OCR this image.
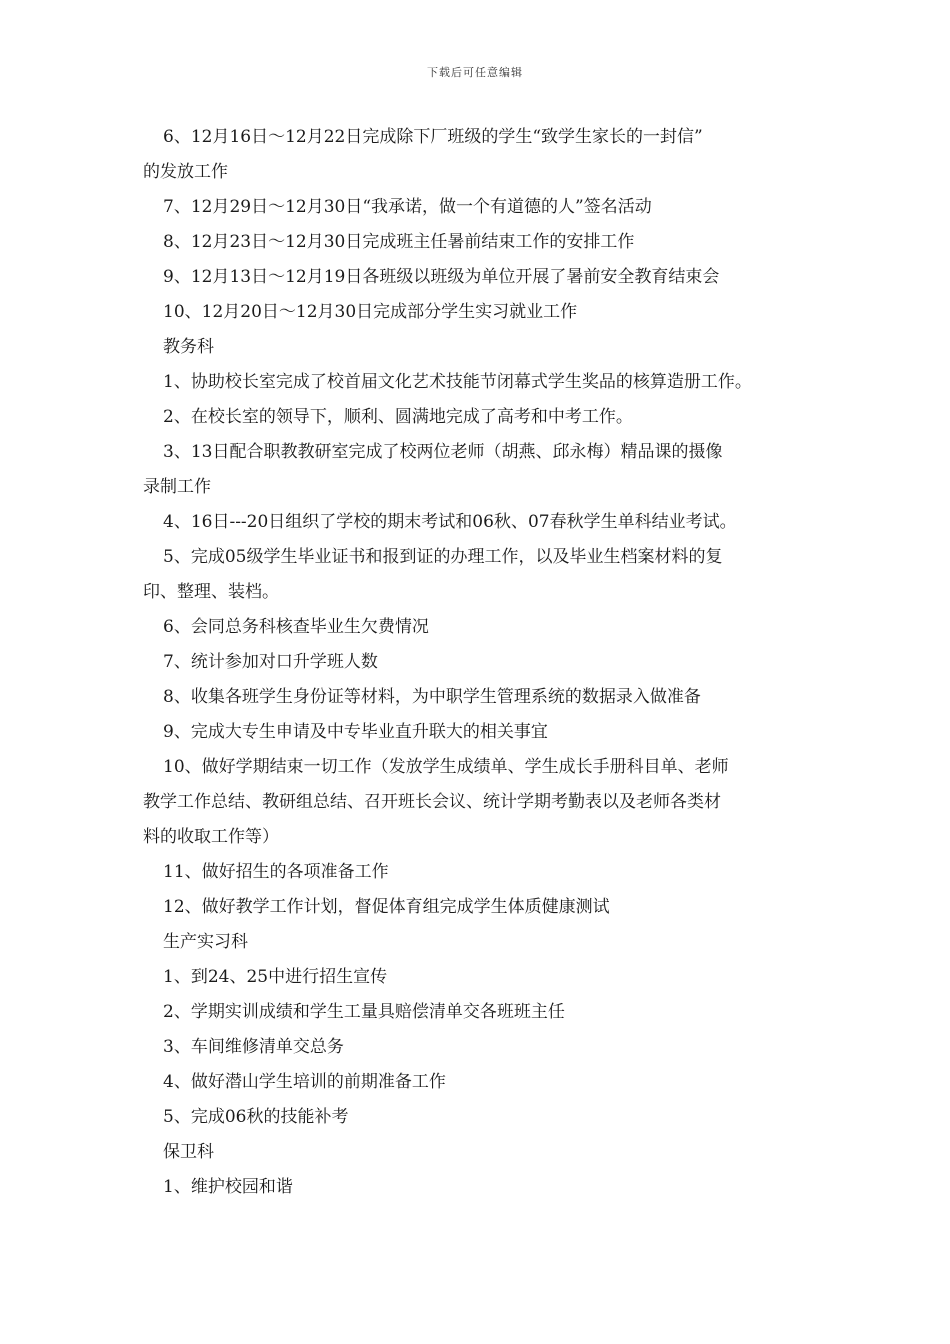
下载后可任意编辑

6、12月16日～12月22日完成除下厂班级的学生“致学生家长的一封信”

的发放工作

7、12月29日～12月30日“我承诺，做一个有道德的人”签名活动

8、12月23日～12月30日完成班主任暑前结束工作的安排工作

9、12月13日～12月19日各班级以班级为单位开展了暑前安全教育结束会

10、12月20日～12月30日完成部分学生实习就业工作

教务科

1、协助校长室完成了校首届文化艺术技能节闭幕式学生奖品的核算造册工作。

2、在校长室的领导下，顺利、圆满地完成了高考和中考工作。

3、13日配合职教教研室完成了校两位老师（胡燕、邱永梅）精品课的摄像

录制工作

4、16日---20日组织了学校的期末考试和06秋、07春秋学生单科结业考试。

5、完成05级学生毕业证书和报到证的办理工作，以及毕业生档案材料的复

印、整理、装档。

6、会同总务科核查毕业生欠费情况

7、统计参加对口升学班人数

8、收集各班学生身份证等材料，为中职学生管理系统的数据录入做准备

9、完成大专生申请及中专毕业直升联大的相关事宜

10、做好学期结束一切工作（发放学生成绩单、学生成长手册科目单、老师

教学工作总结、教研组总结、召开班长会议、统计学期考勤表以及老师各类材

料的收取工作等）

11、做好招生的各项准备工作

12、做好教学工作计划，督促体育组完成学生体质健康测试

生产实习科

1、到24、25中进行招生宣传

2、学期实训成绩和学生工量具赔偿清单交各班班主任

3、车间维修清单交总务

4、做好潜山学生培训的前期准备工作

5、完成06秋的技能补考

保卫科

1、维护校园和谐
